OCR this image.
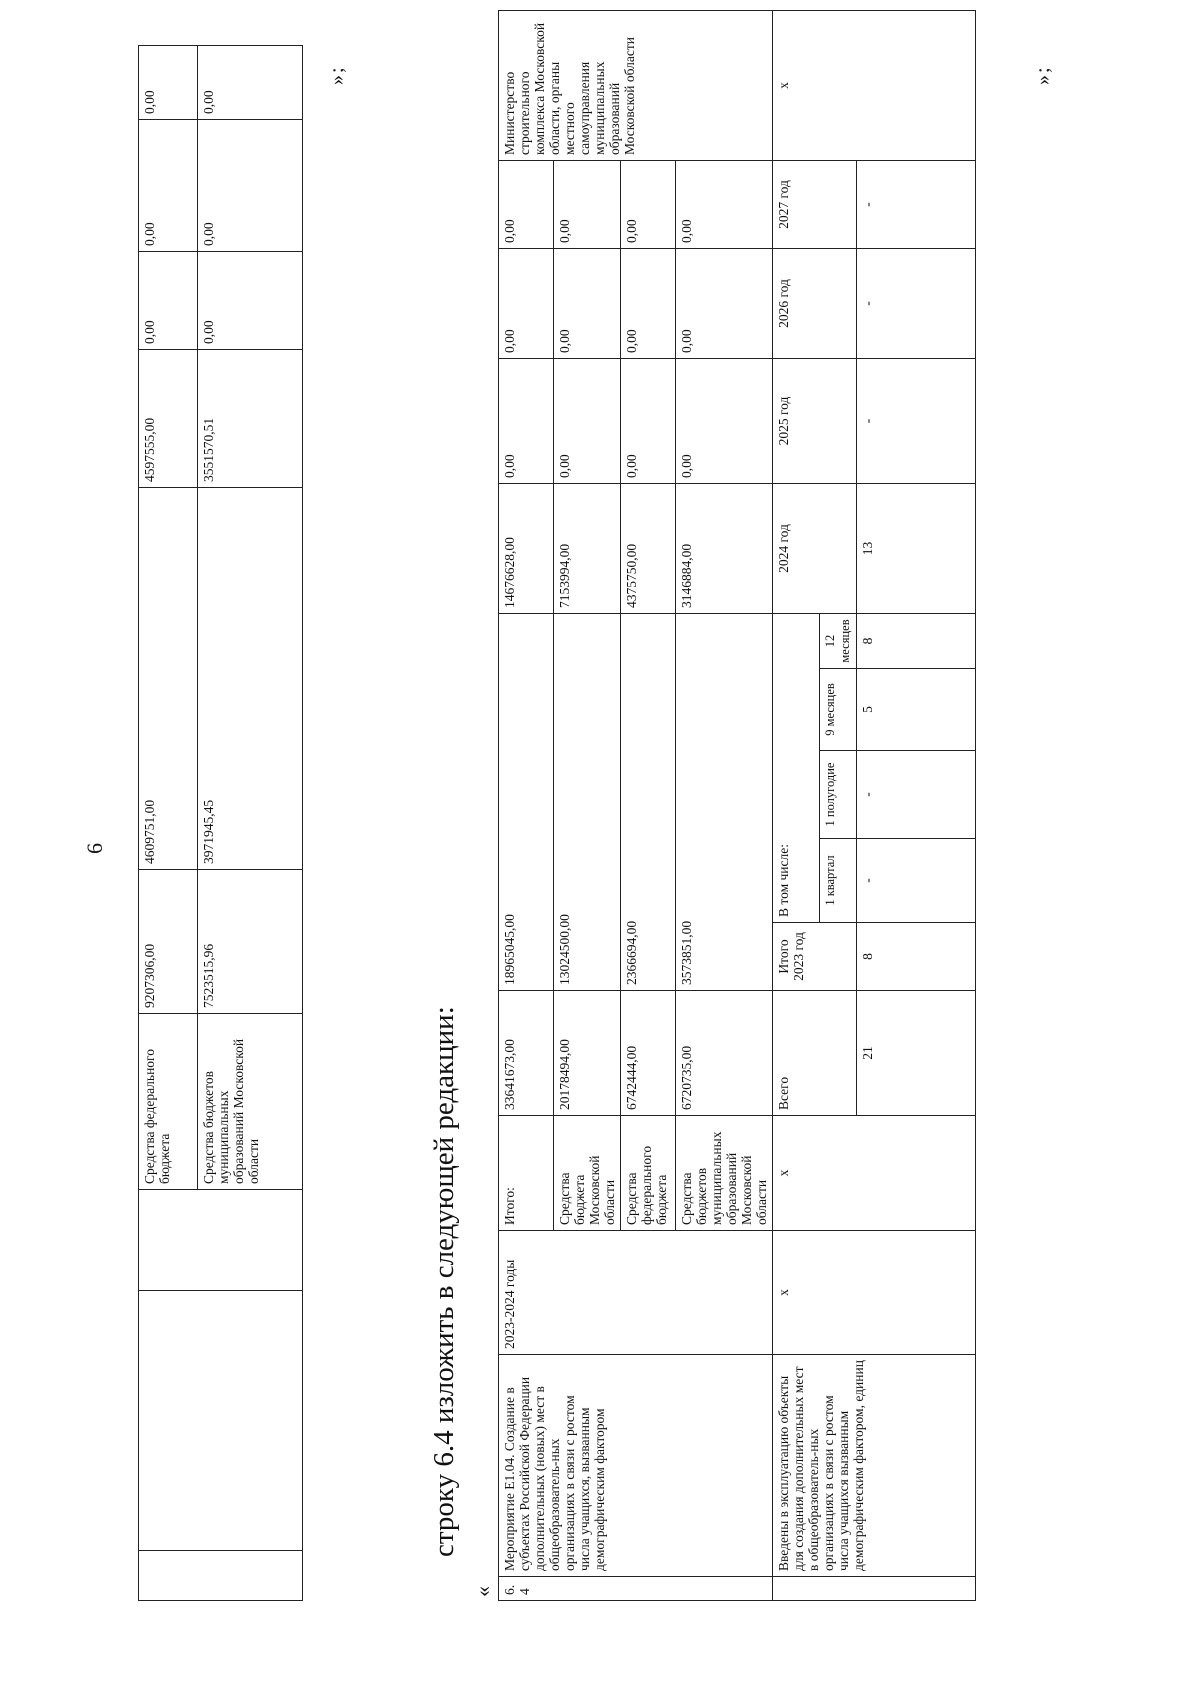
6
			Средства федерального бюджета	9207306,00	4609751,00	4597555,00	0,00	0,00	0,00	
			Средства бюджетов муниципальных образований Московской области	7523515,96	3971945,45	3551570,51	0,00	0,00	0,00	
»;
строку 6.4 изложить в следующей редакции:
« 6.4	Мероприятие Е1.04. Создание в субъектах Российской Федерации дополнительных (новых) мест в общеобразователь-ных организациях в связи с ростом числа учащихся, вызванным демографическим фактором	2023-2024 годы	Итого:	33641673,00	18965045,00					14676628,00	0,00	0,00	0,00	Министерство строительного комплекса Московской области, органы местного самоуправления муниципальных образований Московской области
			Средства бюджета Московской области	20178494,00	13024500,00					7153994,00	0,00	0,00	0,00	
			Средства федерального бюджета	6742444,00	2366694,00					4375750,00	0,00	0,00	0,00	
			Средства бюджетов муниципальных образований Московской области	6720735,00	3573851,00					3146884,00	0,00	0,00	0,00	
	Введены в эксплуатацию объекты для создания дополнительных мест в общеобразователь-ных организациях в связи с ростом числа учащихся вызванным демографическим фактором, единиц	х	х	Всего	Итого 2023 год	В том числе:				2024 год	2025 год	2026 год	2027 год	х
						1 квартал	1 полугодие	9 месяцев	12 месяцев					
				21	8	-	-	5	8	13	-	-	-	
»;
